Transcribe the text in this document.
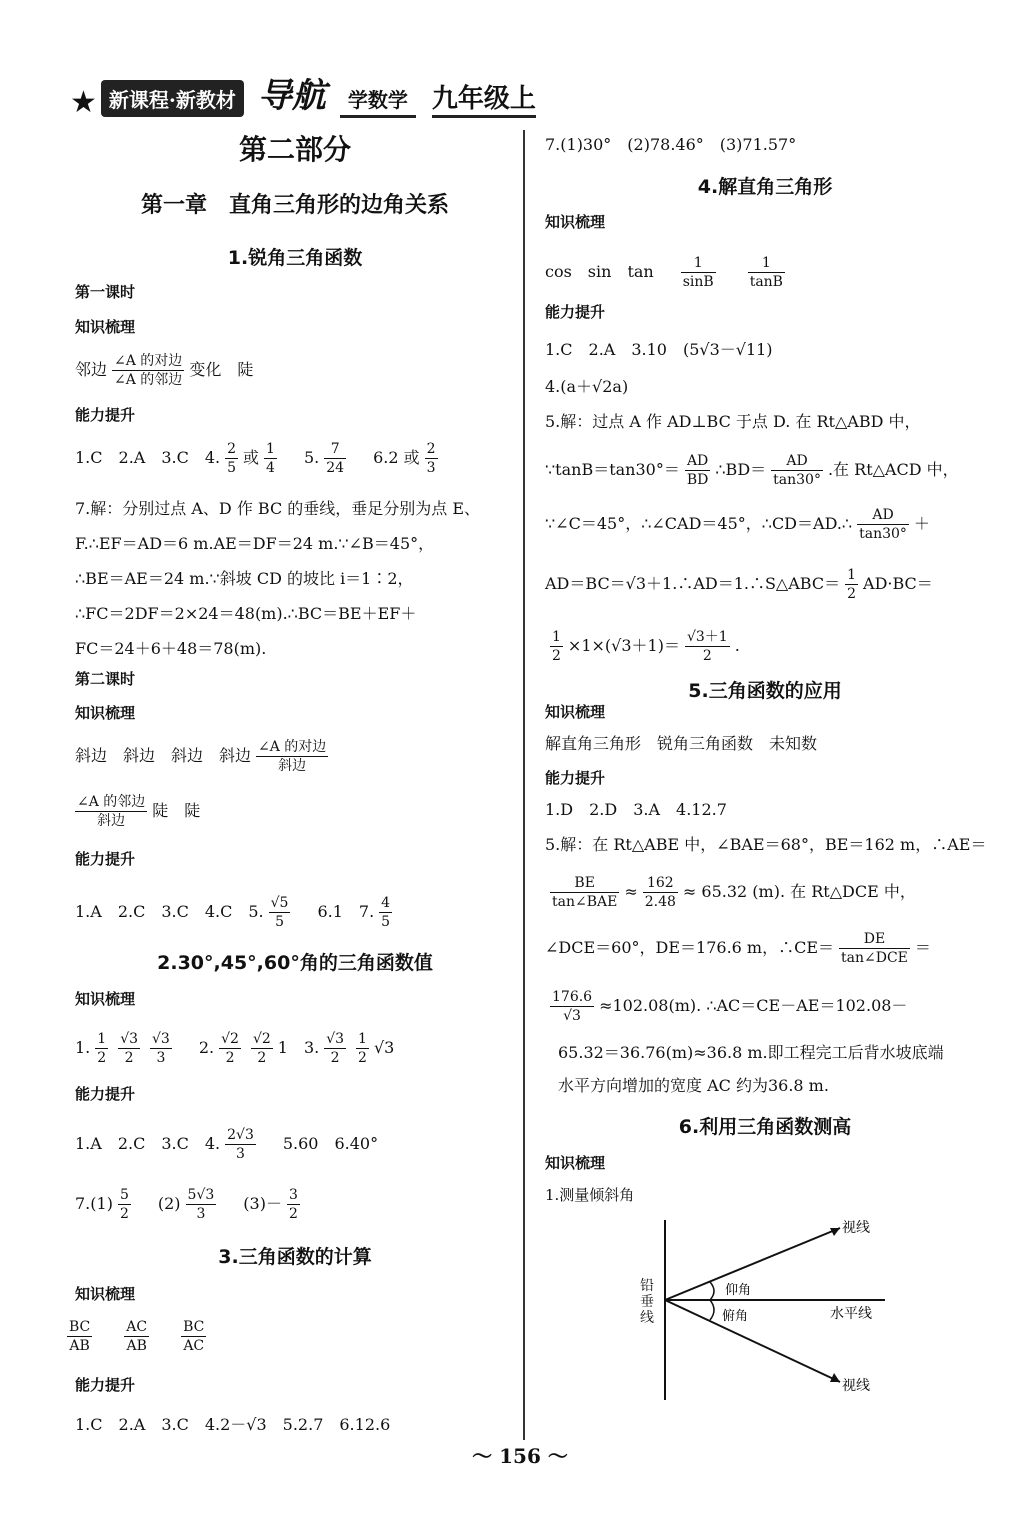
★ 新课程·新教材 导航 学数学 九年级上
第二部分
第一章　直角三角形的边角关系
1.锐角三角函数
第一课时
知识梳理
邻边 ∠A 的对边
∠A 的邻边
变化　陡
能力提升
1.C　2.A　3.C　4. $\frac{2}{5}$ 或 $\frac{1}{4} 5$. $\frac{7}{24} 6.2$ 或 $\frac{2}{3}$
7.解：分别过点 A、D 作 BC 的垂线，垂足分别为点 E、
F.∴EF＝AD＝6 m.AE＝DF＝24 m.∵∠B＝45°，
∴BE＝AE＝24 m.∵斜坡 CD 的坡比 i＝1∶2，
∴FC＝2DF＝2×24＝48(m).∴BC＝BE＋EF＋
FC＝24＋6＋48＝78(m).
第二课时
知识梳理
斜边　斜边　斜边　斜边 ∠A 的对边
斜边
∠A 的邻边
斜边
陡　陡
能力提升
1.A　2.C　3.C　4.C　5. $\frac{√5}{5} 6.1$　7. $\frac{4}{5}$
2.30°,45°,60°角的三角函数值
知识梳理
1. $\frac{1}{2} \frac{√3}{2} \frac{√3}{3} 2$. $\frac{√2}{2} \frac{√2}{2} 1$　3. $\frac{√3}{2} \frac{1}{2} √3$
能力提升
1.A　2.C　3.C　4. $\frac{2√3}{3} 5.60$　6.40°
$7.(1) \frac{5}{2} (2) \frac{5√3}{3} (3)- \frac{3}{2}$
3.三角函数的计算
知识梳理
$\frac{BC}{AB} \frac{AC}{AB} \frac{BC}{AC}$
能力提升
1.C　2.A　3.C　4.2－√3　5.2.7　6.12.6
7.(1)30°　(2)78.46°　(3)71.57°
4.解直角三角形
知识梳理
cos　sin　$\tan \frac{1}{\sin B} \frac{1}{\tan B}$
能力提升
1.C　2.A　3.10　(5√3－√11)
4.(a＋√2a)
5.解：过点 A 作 AD⊥BC 于点 D. 在 Rt△ABD 中，
∵tanB＝tan30°＝ $\frac{AD}{BD}$ ∴BD＝ $\frac{AD}{\tan 30^\circ}$ .在 Rt△ACD 中，
∵∠C＝45°，∴∠CAD＝45°，∴CD＝AD.∴ $\frac{AD}{\tan 30^\circ}$ ＋
AD＝BC＝√3＋1.∴AD＝1.∴S△ABC＝ $\frac{1}{2} AD\cdot BC=$
$\frac{1}{2} \times 1\times(√3+1)= \frac{√3+1}{2}$ .
5.三角函数的应用
知识梳理
解直角三角形　锐角三角函数　未知数
能力提升
1.D　2.D　3.A　4.12.7
5.解：在 Rt△ABE 中，∠BAE＝68°，BE＝162 m，∴AE＝
BE
tan∠BAE
≈ $\frac{162}{2.48} \approx 65.32$ (m). 在 Rt△DCE 中，
∠DCE＝60°，DE＝176.6 m，∴CE＝	DE
tan∠DCE
＝
$\frac{176.6}{√3} \approx 102.08(m)$. ∴AC＝CE－AE＝102.08－
65.32＝36.76(m)≈36.8 m.即工程完工后背水坡底端
水平方向增加的宽度 AC 约为36.8 m.
6.利用三角函数测高
知识梳理
1.测量倾斜角
视线
视线
仰角
俯角	水平线
铅垂线
〜 156 〜
